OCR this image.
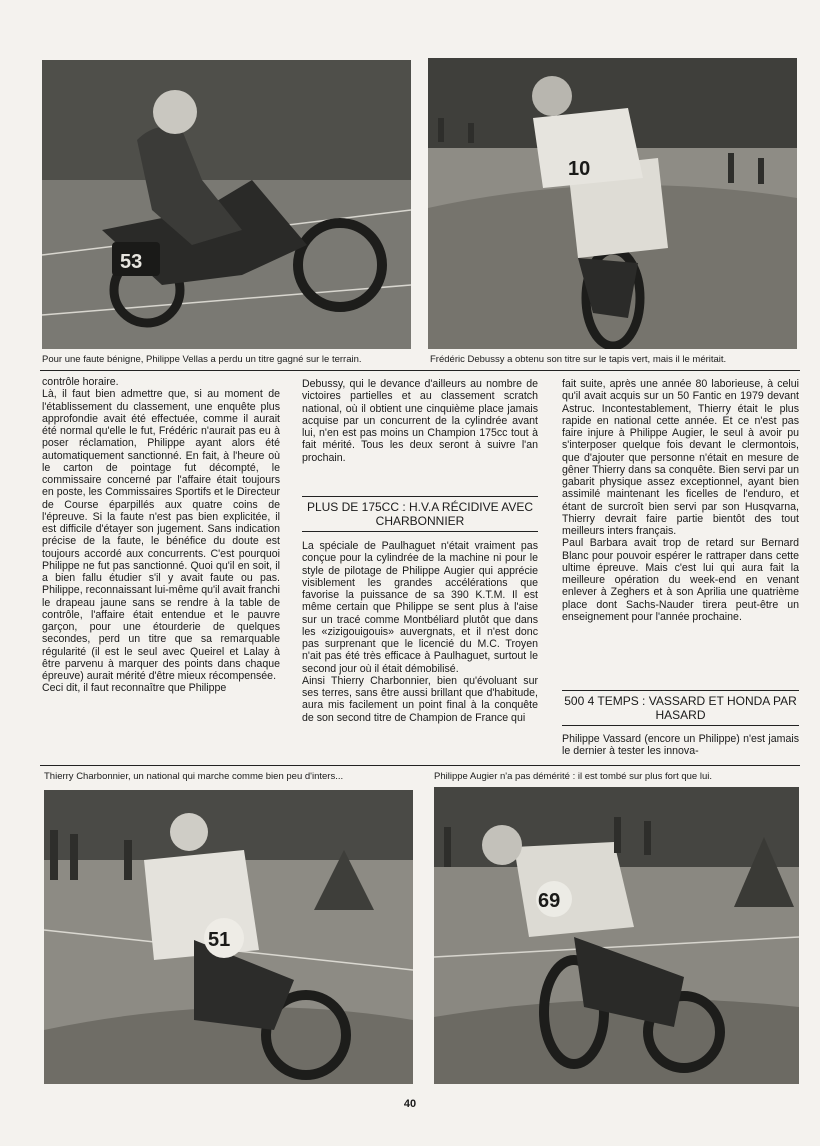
53
Pour une faute bénigne, Philippe Vellas a perdu un titre gagné sur le terrain.
10
Frédéric Debussy a obtenu son titre sur le tapis vert, mais il le méritait.

contrôle horaire.

Là, il faut bien admettre que, si au moment de l'établissement du classement, une enquête plus approfondie avait été effectuée, comme il aurait été normal qu'elle le fut, Frédéric n'aurait pas eu à poser réclamation, Philippe ayant alors été automatiquement sanctionné. En fait, à l'heure où le carton de pointage fut décompté, le commissaire concerné par l'affaire était toujours en poste, les Commissaires Sportifs et le Directeur de Course éparpillés aux quatre coins de l'épreuve. Si la faute n'est pas bien explicitée, il est difficile d'étayer son jugement. Sans indication précise de la faute, le bénéfice du doute est toujours accordé aux concurrents. C'est pourquoi Philippe ne fut pas sanctionné. Quoi qu'il en soit, il a bien fallu étudier s'il y avait faute ou pas. Philippe, reconnaissant lui-même qu'il avait franchi le drapeau jaune sans se rendre à la table de contrôle, l'affaire était entendue et le pauvre garçon, pour une étourderie de quelques secondes, perd un titre que sa remarquable régularité (il est le seul avec Queirel et Lalay à être parvenu à marquer des points dans chaque épreuve) aurait mérité d'être mieux récompensée.

Ceci dit, il faut reconnaître que Philippe

Debussy, qui le devance d'ailleurs au nombre de victoires partielles et au classement scratch national, où il obtient une cinquième place jamais acquise par un concurrent de la cylindrée avant lui, n'en est pas moins un Champion 175cc tout à fait mérité. Tous les deux seront à suivre l'an prochain.

PLUS DE 175CC : H.V.A RÉCIDIVE AVEC CHARBONNIER

La spéciale de Paulhaguet n'était vraiment pas conçue pour la cylindrée de la machine ni pour le style de pilotage de Philippe Augier qui apprécie visiblement les grandes accélérations que favorise la puissance de sa 390 K.T.M. Il est même certain que Philippe se sent plus à l'aise sur un tracé comme Montbéliard plutôt que dans les «zizigouigouis» auvergnats, et il n'est donc pas surprenant que le licencié du M.C. Troyen n'ait pas été très efficace à Paulhaguet, surtout le second jour où il était démobilisé.

Ainsi Thierry Charbonnier, bien qu'évoluant sur ses terres, sans être aussi brillant que d'habitude, aura mis facilement un point final à la conquête de son second titre de Champion de France qui

fait suite, après une année 80 laborieuse, à celui qu'il avait acquis sur un 50 Fantic en 1979 devant Astruc. Incontestablement, Thierry était le plus rapide en national cette année. Et ce n'est pas faire injure à Philippe Augier, le seul à avoir pu s'interposer quelque fois devant le clermontois, que d'ajouter que personne n'était en mesure de gêner Thierry dans sa conquête. Bien servi par un gabarit physique assez exceptionnel, ayant bien assimilé maintenant les ficelles de l'enduro, et étant de surcroît bien servi par son Husqvarna, Thierry devrait faire partie bientôt des tout meilleurs inters français.

Paul Barbara avait trop de retard sur Bernard Blanc pour pouvoir espérer le rattraper dans cette ultime épreuve. Mais c'est lui qui aura fait la meilleure opération du week-end en venant enlever à Zeghers et à son Aprilia une quatrième place dont Sachs-Nauder tirera peut-être un enseignement pour l'année prochaine.

500 4 TEMPS : VASSARD ET HONDA PAR HASARD

Philippe Vassard (encore un Philippe) n'est jamais le dernier à tester les innova-

Thierry Charbonnier, un national qui marche comme bien peu d'inters...	Philippe Augier n'a pas démérité : il est tombé sur plus fort que lui.
51
69
40
